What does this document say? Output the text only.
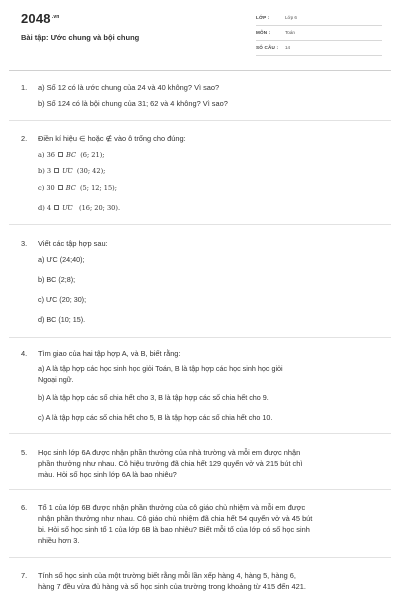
$2048^{.vn}$
Bài tập: Ước chung và bội chung
LỚP :	Lớp 6
MÔN :	Toán
SỐ CÂU : 14
1. a) Số 12 có là ước chung của 24 và 40 không? Vì sao?
b) Số 124 có là bội chung của 31; 62 và 4 không? Vì sao?
2. Điền kí hiệu ∈ hoặc ∉ vào ô trống cho đúng:
a) 36 BC (6; 21);
b) 3 ƯC (30; 42);
c) 30 BC (5; 12; 15);
d) 4 ƯC (16; 20; 30).
3. Viết các tập hợp sau:
a) ƯC (24;40);
b) BC (2;8);
c) ƯC (20; 30);
d) BC (10; 15).
4. Tìm giao của hai tập hợp A, và B, biết rằng:
a) A là tập hợp các học sinh học giỏi Toán, B là tập hợp các học sinh học giỏi
Ngoại ngữ.
b) A là tập hợp các số chia hết cho 3, B là tập hợp các số chia hết cho 9.
c) A là tập hợp các số chia hết cho 5, B là tập hợp các số chia hết cho 10.
5. Học sinh lớp 6A được nhận phần thưởng của nhà trường và mỗi em được nhận
phần thưởng như nhau. Cô hiệu trưởng đã chia hết 129 quyển vở và 215 bút chì
màu. Hỏi số học sinh lớp 6A là bao nhiêu?
6. Tổ 1 của lớp 6B được nhận phần thưởng của cô giáo chủ nhiệm và mỗi em được
nhận phần thưởng như nhau. Cô giáo chủ nhiệm đã chia hết 54 quyển vở và 45 bút
bi. Hỏi số học sinh tổ 1 của lớp 6B là bao nhiêu? Biết mỗi tổ của lớp có số học sinh
nhiều hơn 3.
7. Tính số học sinh của một trường biết rằng mỗi lần xếp hàng 4, hàng 5, hàng 6,
hàng 7 đều vừa đủ hàng và số học sinh của trường trong khoảng từ 415 đến 421.
